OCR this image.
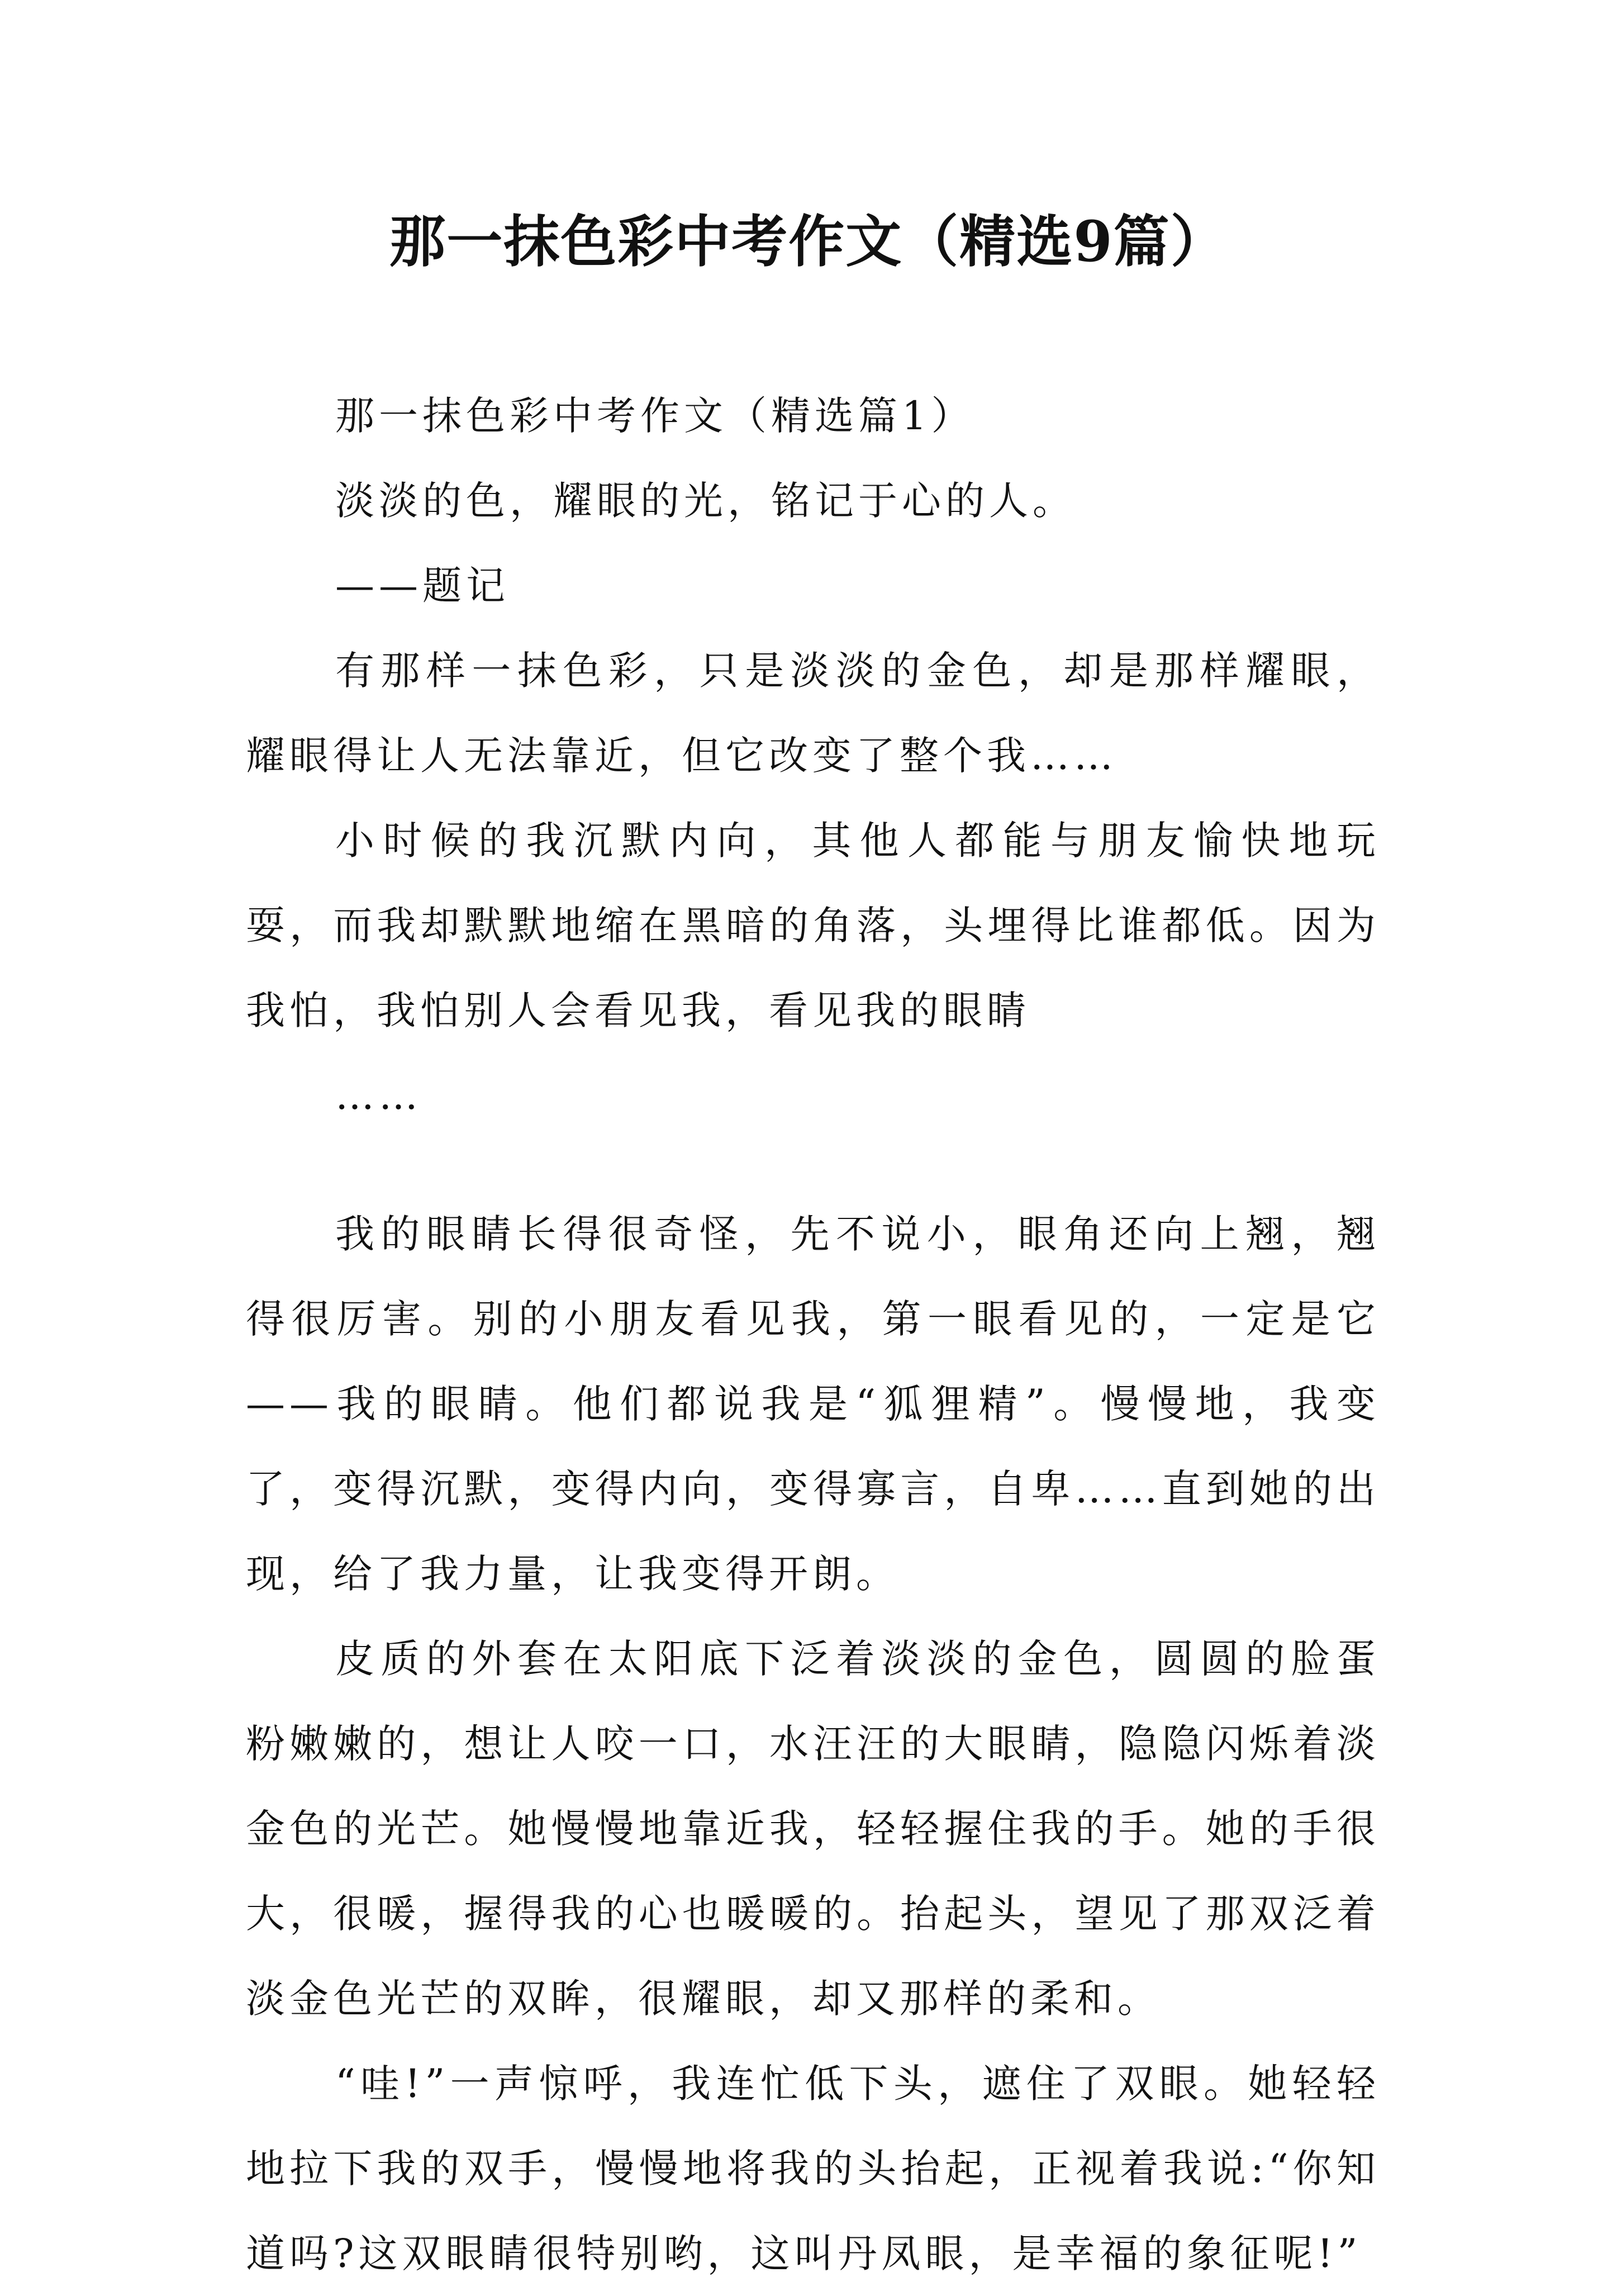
那一抹色彩中考作文（精选9篇）

那一抹色彩中考作文（精选篇1）

淡淡的色，耀眼的光，铭记于心的人。

——题记

有那样一抹色彩，只是淡淡的金色，却是那样耀眼，耀眼得让人无法靠近，但它改变了整个我……

小时候的我沉默内向，其他人都能与朋友愉快地玩耍，而我却默默地缩在黑暗的角落，头埋得比谁都低。因为我怕，我怕别人会看见我，看见我的眼睛

……

我的眼睛长得很奇怪，先不说小，眼角还向上翘，翘得很厉害。别的小朋友看见我，第一眼看见的，一定是它——我的眼睛。他们都说我是“狐狸精”。慢慢地，我变了，变得沉默，变得内向，变得寡言，自卑……直到她的出现，给了我力量，让我变得开朗。

皮质的外套在太阳底下泛着淡淡的金色，圆圆的脸蛋粉嫩嫩的，想让人咬一口，水汪汪的大眼睛，隐隐闪烁着淡金色的光芒。她慢慢地靠近我，轻轻握住我的手。她的手很大，很暖，握得我的心也暖暖的。抬起头，望见了那双泛着淡金色光芒的双眸，很耀眼，却又那样的柔和。

“哇!”一声惊呼，我连忙低下头，遮住了双眼。她轻轻地拉下我的双手，慢慢地将我的头抬起，正视着我说:“你知道吗?这双眼睛很特别哟，这叫丹凤眼，是幸福的象征呢!”
